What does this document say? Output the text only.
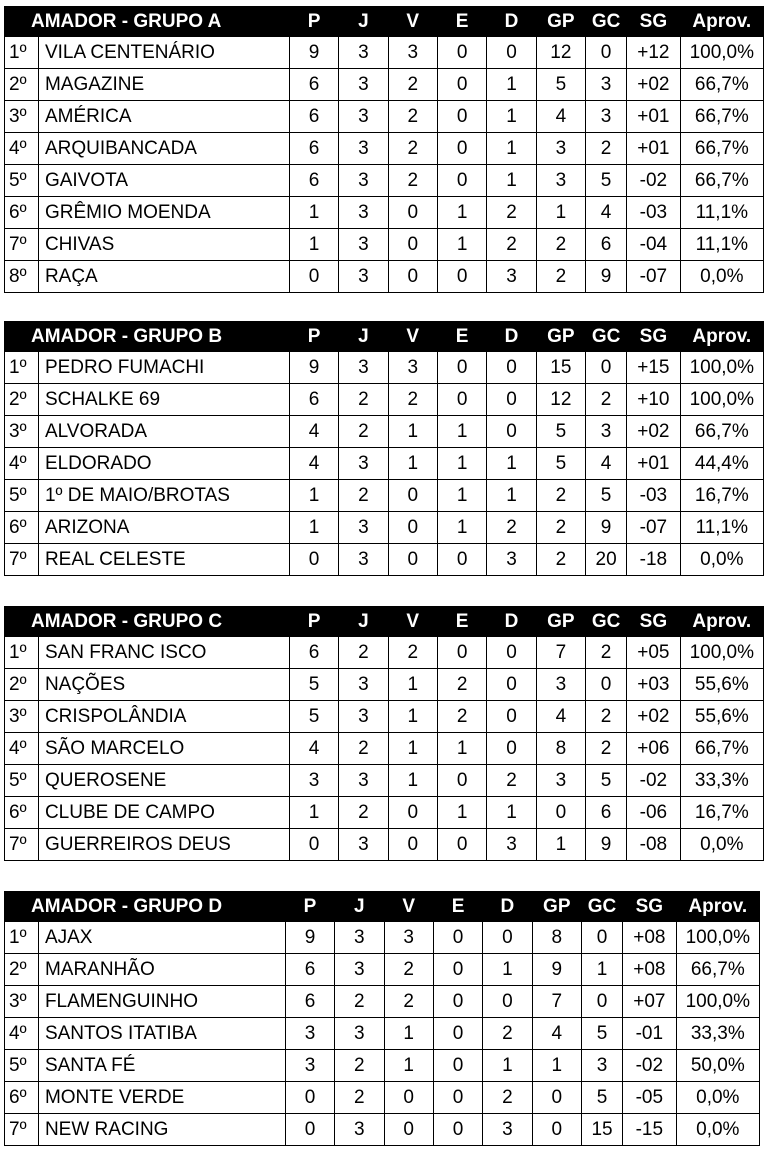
AMADOR - GRUPO A		P	J	V	E	D	GP	GC	SG	Aprov.
1º	VILA CENTENÁRIO	9	3	3	0	0	12	0	+12	100,0%
2º	MAGAZINE	6	3	2	0	1	5	3	+02	66,7%
3º	AMÉRICA	6	3	2	0	1	4	3	+01	66,7%
4º	ARQUIBANCADA	6	3	2	0	1	3	2	+01	66,7%
5º	GAIVOTA	6	3	2	0	1	3	5	-02	66,7%
6º	GRÊMIO MOENDA	1	3	0	1	2	1	4	-03	11,1%
7º	CHIVAS	1	3	0	1	2	2	6	-04	11,1%
8º	RAÇA	0	3	0	0	3	2	9	-07	0,0%
AMADOR - GRUPO B		P	J	V	E	D	GP	GC	SG	Aprov.
1º	PEDRO FUMACHI	9	3	3	0	0	15	0	+15	100,0%
2º	SCHALKE 69	6	2	2	0	0	12	2	+10	100,0%
3º	ALVORADA	4	2	1	1	0	5	3	+02	66,7%
4º	ELDORADO	4	3	1	1	1	5	4	+01	44,4%
5º	1º DE MAIO/BROTAS	1	2	0	1	1	2	5	-03	16,7%
6º	ARIZONA	1	3	0	1	2	2	9	-07	11,1%
7º	REAL CELESTE	0	3	0	0	3	2	20	-18	0,0%
AMADOR - GRUPO C		P	J	V	E	D	GP	GC	SG	Aprov.
1º	SAN FRANC ISCO	6	2	2	0	0	7	2	+05	100,0%
2º	NAÇÕES	5	3	1	2	0	3	0	+03	55,6%
3º	CRISPOLÂNDIA	5	3	1	2	0	4	2	+02	55,6%
4º	SÃO MARCELO	4	2	1	1	0	8	2	+06	66,7%
5º	QUEROSENE	3	3	1	0	2	3	5	-02	33,3%
6º	CLUBE DE CAMPO	1	2	0	1	1	0	6	-06	16,7%
7º	GUERREIROS DEUS	0	3	0	0	3	1	9	-08	0,0%
AMADOR - GRUPO D		P	J	V	E	D	GP	GC	SG	Aprov.
1º	AJAX	9	3	3	0	0	8	0	+08	100,0%
2º	MARANHÃO	6	3	2	0	1	9	1	+08	66,7%
3º	FLAMENGUINHO	6	2	2	0	0	7	0	+07	100,0%
4º	SANTOS ITATIBA	3	3	1	0	2	4	5	-01	33,3%
5º	SANTA FÉ	3	2	1	0	1	1	3	-02	50,0%
6º	MONTE VERDE	0	2	0	0	2	0	5	-05	0,0%
7º	NEW RACING	0	3	0	0	3	0	15	-15	0,0%
